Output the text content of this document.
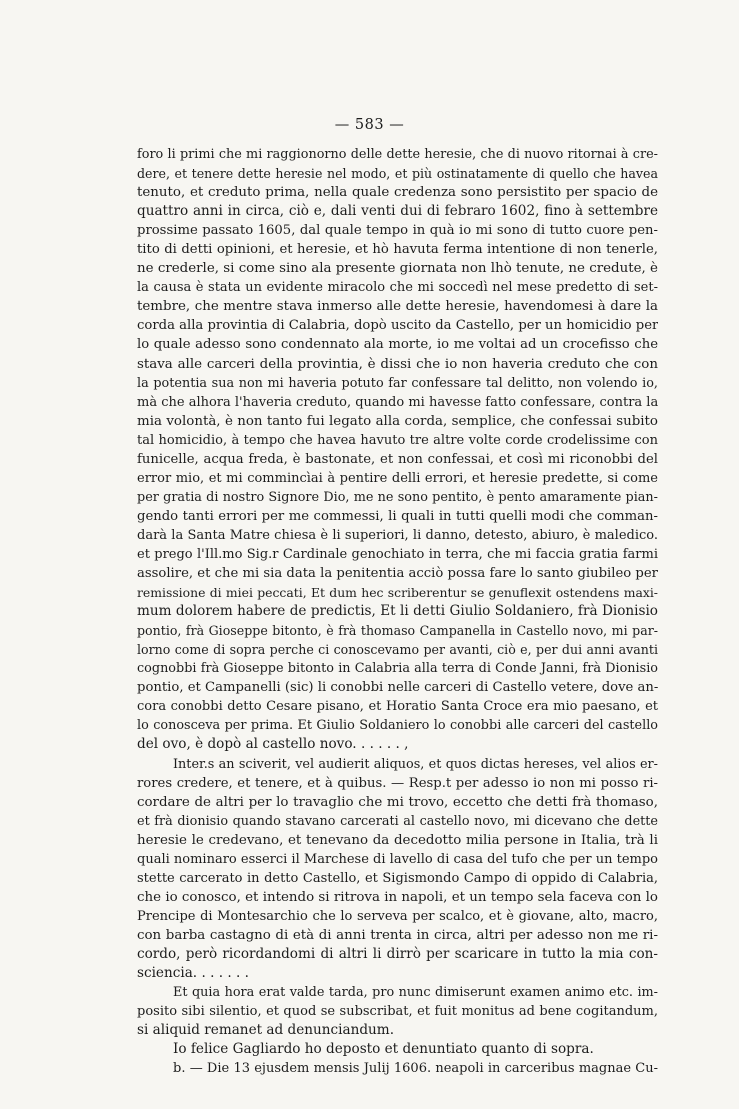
— 583 —

foro li primi che mi raggionorno delle dette heresie, che di nuovo ritornai à cre-

dere, et tenere dette heresie nel modo, et più ostinatamente di quello che havea

tenuto, et creduto prima, nella quale credenza sono persistito per spacio de

quattro anni in circa, ciò e, dali venti dui di febraro 1602, fino à settembre

prossime passato 1605, dal quale tempo in quà io mi sono di tutto cuore pen-

tito di detti opinioni, et heresie, et hò havuta ferma intentione di non tenerle,

ne crederle, si come sino ala presente giornata non lhò tenute, ne credute, è

la causa è stata un evidente miracolo che mi soccedì nel mese predetto di set-

tembre, che mentre stava inmerso alle dette heresie, havendomesi à dare la

corda alla provintia di Calabria, dopò uscito da Castello, per un homicidio per

lo quale adesso sono condennato ala morte, io me voltai ad un crocefisso che

stava alle carceri della provintia, è dissi che io non haveria creduto che con

la potentia sua non mi haveria potuto far confessare tal delitto, non volendo io,

mà che alhora l'haveria creduto, quando mi havesse fatto confessare, contra la

mia volontà, è non tanto fui legato alla corda, semplice, che confessai subito

tal homicidio, à tempo che havea havuto tre altre volte corde crodelissime con

funicelle, acqua freda, è bastonate, et non confessai, et così mi riconobbi del

error mio, et mi commincìai à pentire delli errori, et heresie predette, si come

per gratia di nostro Signore Dio, me ne sono pentito, è pento amaramente pian-

gendo tanti errori per me commessi, li quali in tutti quelli modi che comman-

darà la Santa Matre chiesa è li superiori, li danno, detesto, abiuro, è maledico.

et prego l'Ill.mo Sig.r Cardinale genochiato in terra, che mi faccia gratia farmi

assolire, et che mi sia data la penitentia acciò possa fare lo santo giubileo per

remissione di miei peccati, Et dum hec scriberentur se genuflexit ostendens maxi-

mum dolorem habere de predictis, Et li detti Giulio Soldaniero, frà Dionisio

pontio, frà Gioseppe bitonto, è frà thomaso Campanella in Castello novo, mi par-

lorno come di sopra perche ci conoscevamo per avanti, ciò e, per dui anni avanti

cognobbi frà Gioseppe bitonto in Calabria alla terra di Conde Janni, frà Dionisio

pontio, et Campanelli (sic) li conobbi nelle carceri di Castello vetere, dove an-

cora conobbi detto Cesare pisano, et Horatio Santa Croce era mio paesano, et

lo conosceva per prima. Et Giulio Soldaniero lo conobbi alle carceri del castello

del ovo, è dopò al castello novo. . . . . . ,

Inter.s an sciverit, vel audierit aliquos, et quos dictas hereses, vel alios er-

rores credere, et tenere, et à quibus. — Resp.t per adesso io non mi posso ri-

cordare de altri per lo travaglio che mi trovo, eccetto che detti frà thomaso,

et frà dionisio quando stavano carcerati al castello novo, mi dicevano che dette

heresie le credevano, et tenevano da decedotto milia persone in Italia, trà li

quali nominaro esserci il Marchese di lavello di casa del tufo che per un tempo

stette carcerato in detto Castello, et Sigismondo Campo di oppido di Calabria,

che io conosco, et intendo si ritrova in napoli, et un tempo sela faceva con lo

Prencipe di Montesarchio che lo serveva per scalco, et è giovane, alto, macro,

con barba castagno di età di anni trenta in circa, altri per adesso non me ri-

cordo, però ricordandomi di altri li dirrò per scaricare in tutto la mia con-

sciencia. . . . . . .

Et quia hora erat valde tarda, pro nunc dimiserunt examen animo etc. im-

posito sibi silentio, et quod se subscribat, et fuit monitus ad bene cogitandum,

si aliquid remanet ad denunciandum.

Io felice Gagliardo ho deposto et denuntiato quanto di sopra.

b. — Die 13 ejusdem mensis Julij 1606. neapoli in carceribus magnae Cu-
